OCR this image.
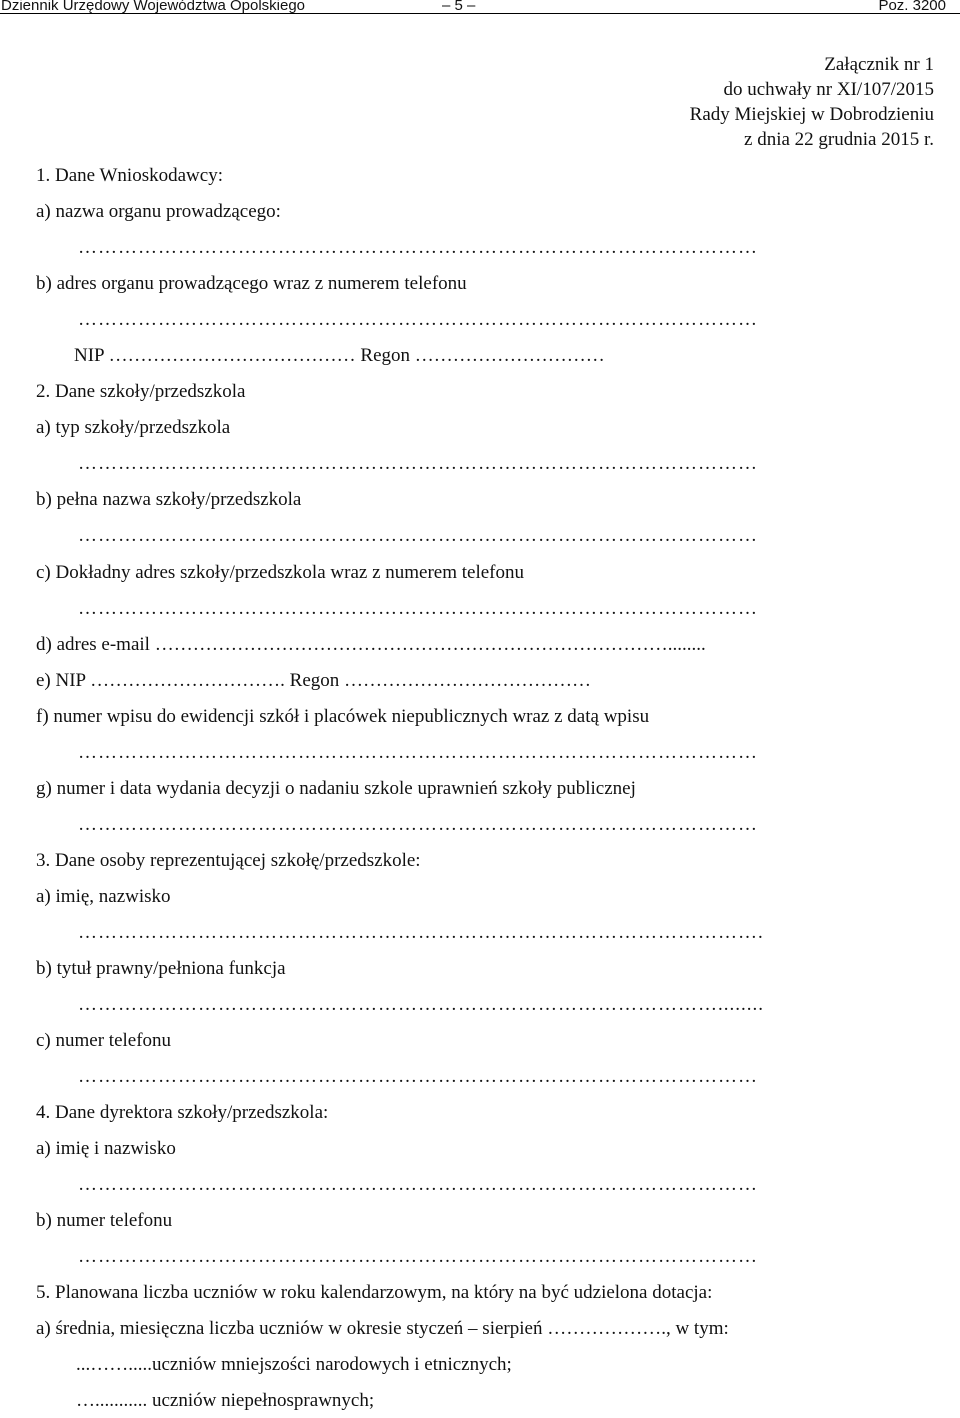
Dziennik Urzędowy Województwa Opolskiego	– 5 –	Poz. 3200
Załącznik nr 1
do uchwały nr XI/107/2015
Rady Miejskiej w Dobrodzieniu
z dnia 22 grudnia 2015 r.
1. Dane Wnioskodawcy:
a) nazwa organu prowadzącego:
…………………………………………………………………………………………
b) adres organu prowadzącego wraz z numerem telefonu
…………………………………………………………………………………………
NIP ………………………………… Regon …………………………
2. Dane szkoły/przedszkola
a) typ szkoły/przedszkola
…………………………………………………………………………………………
b) pełna nazwa szkoły/przedszkola
…………………………………………………………………………………………
c) Dokładny adres szkoły/przedszkola wraz z numerem telefonu
…………………………………………………………………………………………
d) adres e-mail ………………………………………………………………………........
e) NIP …………………………. Regon …………………………………
f) numer wpisu do ewidencji szkół i placówek niepublicznych wraz z datą wpisu
…………………………………………………………………………………………
g) numer i data wydania decyzji o nadaniu szkole uprawnień szkoły publicznej
…………………………………………………………………………………………
3. Dane osoby reprezentującej szkołę/przedszkole:
a) imię, nazwisko
………………………………………………………………………………………….
b) tytuł prawny/pełniona funkcja
……………………………………………………………………………………........
c) numer telefonu
…………………………………………………………………………………………
4. Dane dyrektora szkoły/przedszkola:
a) imię i nazwisko
…………………………………………………………………………………………
b) numer telefonu
…………………………………………………………………………………………
5. Planowana liczba uczniów w roku kalendarzowym, na który na być udzielona dotacja:
a) średnia, miesięczna liczba uczniów w okresie styczeń – sierpień ………………., w tym:
...…….....uczniów mniejszości narodowych i etnicznych;
…........... uczniów niepełnosprawnych;
